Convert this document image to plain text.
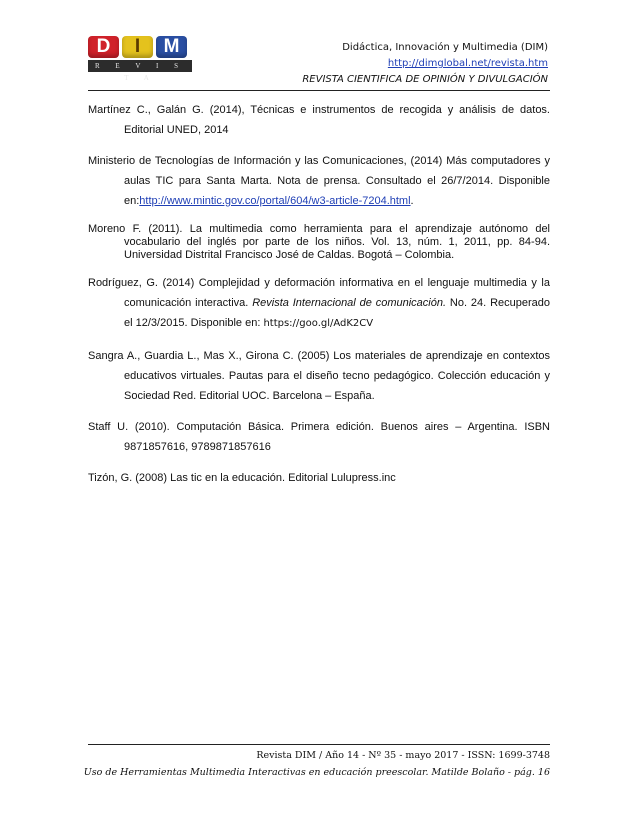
D	I	M
R E V I S T A
Didáctica, Innovación y Multimedia (DIM)
http://dimglobal.net/revista.htm
REVISTA CIENTIFICA DE OPINIÓN Y DIVULGACIÓN

Martínez C., Galán G. (2014), Técnicas e instrumentos de recogida y análisis de datos. Editorial UNED, 2014

Ministerio de Tecnologías de Información y las Comunicaciones, (2014) Más computadores y aulas TIC para Santa Marta. Nota de prensa. Consultado el 26/7/2014. Disponible en:http://www.mintic.gov.co/portal/604/w3-article-7204.html.

Moreno F. (2011). La multimedia como herramienta para el aprendizaje autónomo del vocabulario del inglés por parte de los niños. Vol. 13, núm. 1, 2011, pp. 84-94. Universidad Distrital Francisco José de Caldas. Bogotá – Colombia.

Rodríguez, G. (2014) Complejidad y deformación informativa en el lenguaje multimedia y la comunicación interactiva. Revista Internacional de comunicación. No. 24. Recuperado el 12/3/2015. Disponible en: https://goo.gl/AdK2CV

Sangra A., Guardia L., Mas X., Girona C. (2005) Los materiales de aprendizaje en contextos educativos virtuales. Pautas para el diseño tecno pedagógico. Colección educación y Sociedad Red. Editorial UOC. Barcelona – España.

Staff U. (2010). Computación Básica. Primera edición. Buenos aires – Argentina. ISBN 9871857616, 9789871857616

Tizón, G. (2008) Las tic en la educación. Editorial Lulupress.inc

Revista DIM / Año 14 - Nº 35 - mayo 2017 - ISSN: 1699-3748
Uso de Herramientas Multimedia Interactivas en educación preescolar. Matilde Bolaño - pág. 16
